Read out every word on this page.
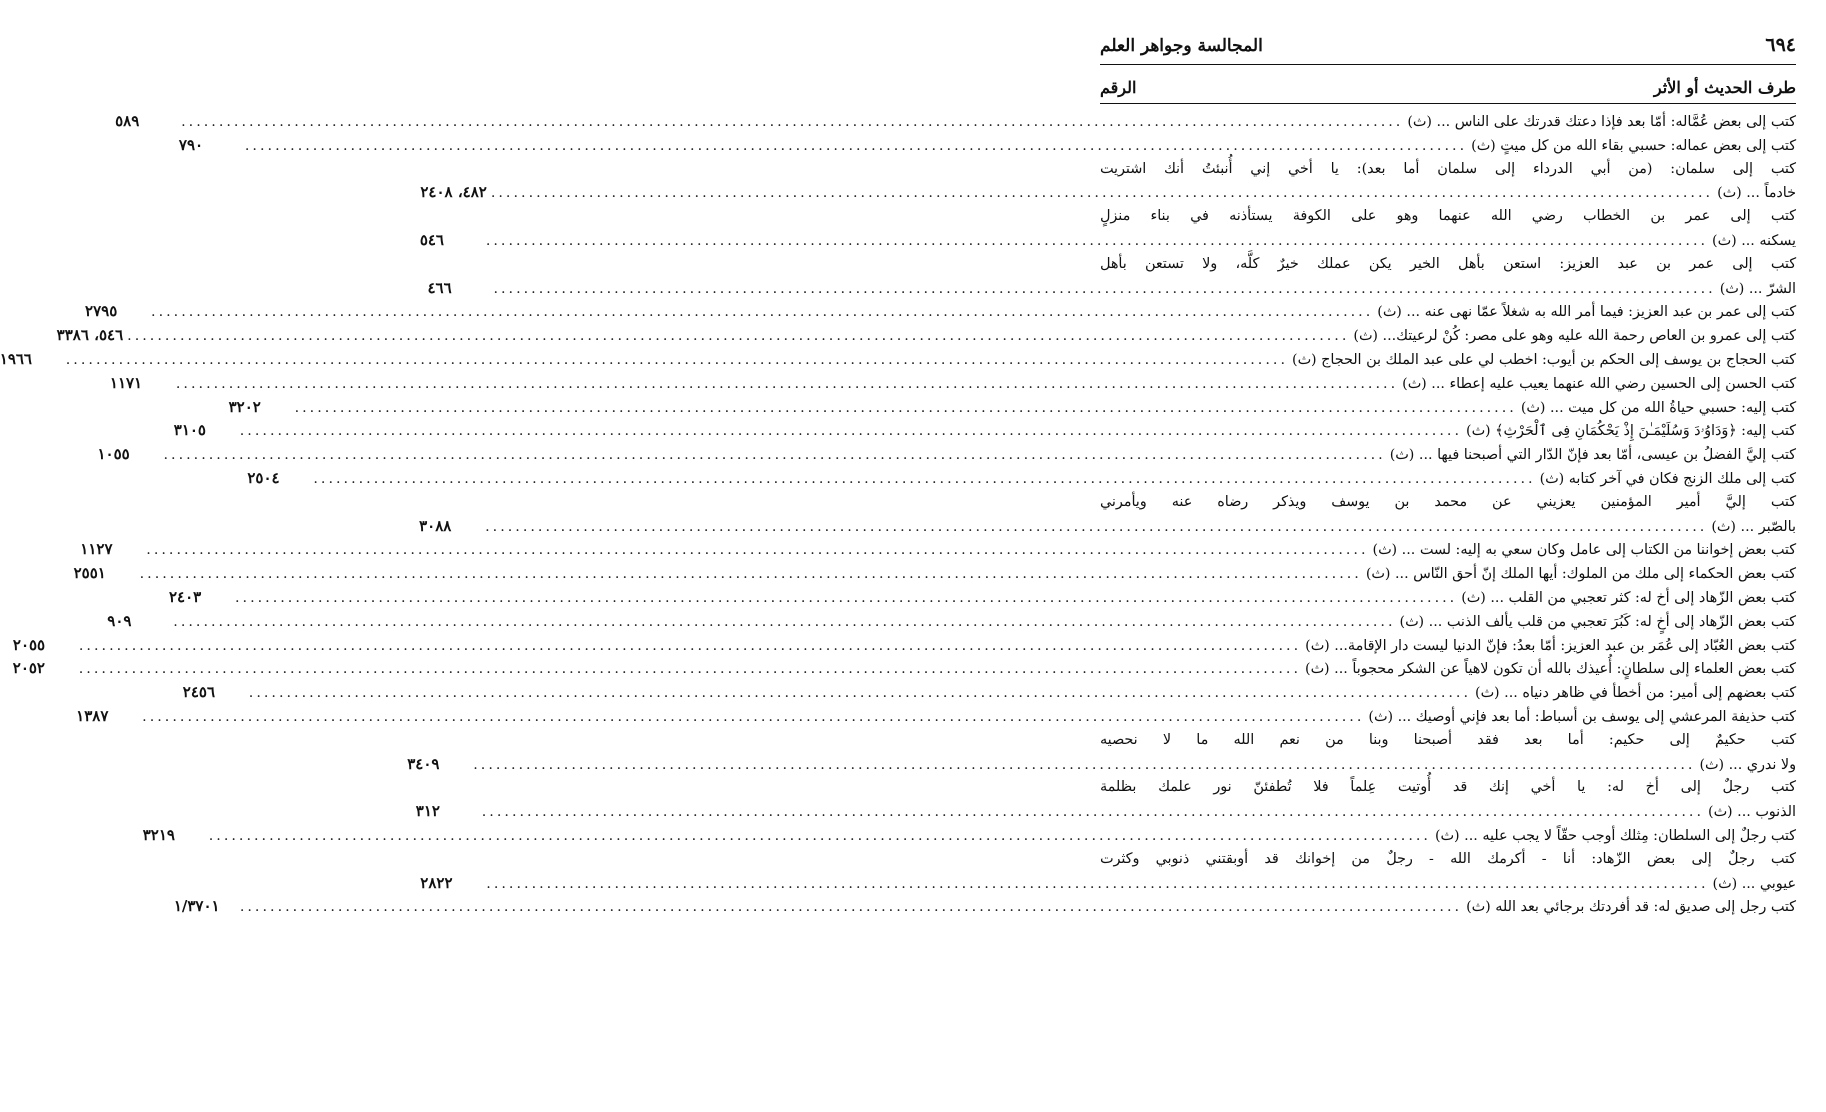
٦٩٤
المجالسة وجواهر العلم
طرف الحديث أو الأثر
الرقم
كتب إلى بعض عُمَّاله: أمّا بعد فإذا دعتك قدرتك على الناس ... (ث)
.....
٥٨٩
كتب إلى بعض عماله: حسبي بقاء الله من كل ميتٍ (ث)
.....
٧٩٠
كتب إلى سلمان: (من أبي الدرداء إلى سلمان أما بعد): يا أخي إني أُنبئتُ أنك اشتريت
خادماً ... (ث)
.....
٤٨٢، ٢٤٠٨
كتب إلى عمر بن الخطاب رضي الله عنهما وهو على الكوفة يستأذنه في بناء منزلٍ
يسكنه ... (ث)
.....
٥٤٦
كتب إلى عمر بن عبد العزيز: استعن بأهل الخير يكن عملك خيرٌ كلَّه، ولا تستعن بأهل
الشرّ ... (ث)
.....
٤٦٦
كتب إلى عمر بن عبد العزيز: فيما أمر الله به شغلاً عمّا نهى عنه ... (ث)
.....
٢٧٩٥
كتب إلى عمرو بن العاص رحمة الله عليه وهو على مصر: كُنْ لرعيتك... (ث)
.....
٥٤٦، ٣٣٨٦
كتب الحجاج بن يوسف إلى الحكم بن أيوب: اخطب لي على عبد الملك بن الحجاج (ث)
.....
١٩٦٦
كتب الحسن إلى الحسين رضي الله عنهما يعيب عليه إعطاء ... (ث)
.....
١١٧١
كتب إليه: حسبي حياةُ الله من كل ميت ... (ث)
.....
٣٢٠٢
كتب إليه: ﴿وَدَاوُۥدَ وَسُلَيْمَـٰنَ إِذْ يَحْكُمَانِ فِى ٱلْحَرْثِ﴾ (ث)
.....
٣١٠٥
كتب إليَّ الفضلُ بن عيسى، أمّا بعد فإنّ الدّار التي أصبحنا فيها ... (ث)
.....
١٠٥٥
كتب إلى ملك الزنج فكان في آخر كتابه (ث)
.....
٢٥٠٤
كتب إليَّ أمير المؤمنين يعزيني عن محمد بن يوسف ويذكر رضاه عنه ويأمرني
بالصّبر ... (ث)
.....
٣٠٨٨
كتب بعض إخواننا من الكتاب إلى عامل وكان سعي به إليه: لست ... (ث)
.....
١١٢٧
كتب بعض الحكماء إلى ملك من الملوك: أيها الملك إنّ أحق النّاس ... (ث)
.....
٢٥٥١
كتب بعض الزّهاد إلى أخ له: كثر تعجبي من القلب ... (ث)
.....
٢٤٠٣
كتب بعض الزّهاد إلى أخٍ له: كَبُرَ تعجبي من قلب يألف الذنب ... (ث)
.....
٩٠٩
كتب بعض العُبّاد إلى عُمَر بن عبد العزيز: أمّا بعدُ: فإنّ الدنيا ليست دار الإقامة... (ث)
.....
٢٠٥٥
كتب بعض العلماء إلى سلطانٍ: أُعيذك بالله أن تكون لاهياً عن الشكر محجوباً ... (ث)
.....
٢٠٥٢
كتب بعضهم إلى أمير: من أخطأ في ظاهر دنياه ... (ث)
.....
٢٤٥٦
كتب حذيفة المرعشي إلى يوسف بن أسباط: أما بعد فإني أوصيك ... (ث)
.....
١٣٨٧
كتب حكيمٌ إلى حكيم: أما بعد فقد أصبحنا وبنا من نعم الله ما لا نحصيه
ولا ندري ... (ث)
.....
٣٤٠٩
كتب رجلٌ إلى أخ له: يا أخي إنك قد أُوتيت عِلماً فلا تُطفئنّ نور علمك بظلمة
الذنوب ... (ث)
.....
٣١٢
كتب رجلٌ إلى السلطان: مِثلك أوجب حقّاً لا يجب عليه ... (ث)
.....
٣٢١٩
كتب رجلٌ إلى بعض الزّهاد: أنا - أكرمك الله - رجلٌ من إخوانك قد أوبقتني ذنوبي وكثرت
عيوبي ... (ث)
.....
٢٨٢٢
كتب رجل إلى صديق له: قد أفردتك برجائي بعد الله (ث)
.....
١/٣٧٠١
